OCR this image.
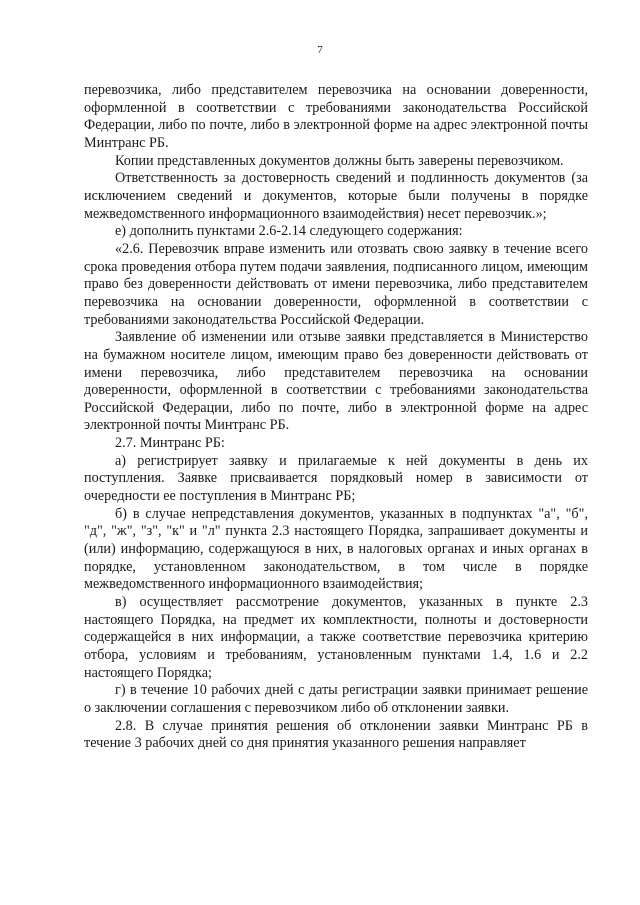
7

перевозчика, либо представителем перевозчика на основании доверенности, оформленной в соответствии с требованиями законодательства Российской Федерации, либо по почте, либо в электронной форме на адрес электронной почты Минтранс РБ.

Копии представленных документов должны быть заверены перевозчиком.

Ответственность за достоверность сведений и подлинность документов (за исключением сведений и документов, которые были получены в порядке межведомственного информационного взаимодействия) несет перевозчик.»;

е) дополнить пунктами 2.6-2.14 следующего содержания:

«2.6. Перевозчик вправе изменить или отозвать свою заявку в течение всего срока проведения отбора путем подачи заявления, подписанного лицом, имеющим право без доверенности действовать от имени перевозчика, либо представителем перевозчика на основании доверенности, оформленной в соответствии с требованиями законодательства Российской Федерации.

Заявление об изменении или отзыве заявки представляется в Министерство на бумажном носителе лицом, имеющим право без доверенности действовать от имени перевозчика, либо представителем перевозчика на основании доверенности, оформленной в соответствии с требованиями законодательства Российской Федерации, либо по почте, либо в электронной форме на адрес электронной почты Минтранс РБ.

2.7. Минтранс РБ:

а) регистрирует заявку и прилагаемые к ней документы в день их поступления. Заявке присваивается порядковый номер в зависимости от очередности ее поступления в Минтранс РБ;

б) в случае непредставления документов, указанных в подпунктах "а", "б", "д", "ж", "з", "к" и "л" пункта 2.3 настоящего Порядка, запрашивает документы и (или) информацию, содержащуюся в них, в налоговых органах и иных органах в порядке, установленном законодательством, в том числе в порядке межведомственного информационного взаимодействия;

в) осуществляет рассмотрение документов, указанных в пункте 2.3 настоящего Порядка, на предмет их комплектности, полноты и достоверности содержащейся в них информации, а также соответствие перевозчика критерию отбора, условиям и требованиям, установленным пунктами 1.4, 1.6 и 2.2 настоящего Порядка;

г) в течение 10 рабочих дней с даты регистрации заявки принимает решение о заключении соглашения с перевозчиком либо об отклонении заявки.

2.8. В случае принятия решения об отклонении заявки Минтранс РБ в течение 3 рабочих дней со дня принятия указанного решения направляет
